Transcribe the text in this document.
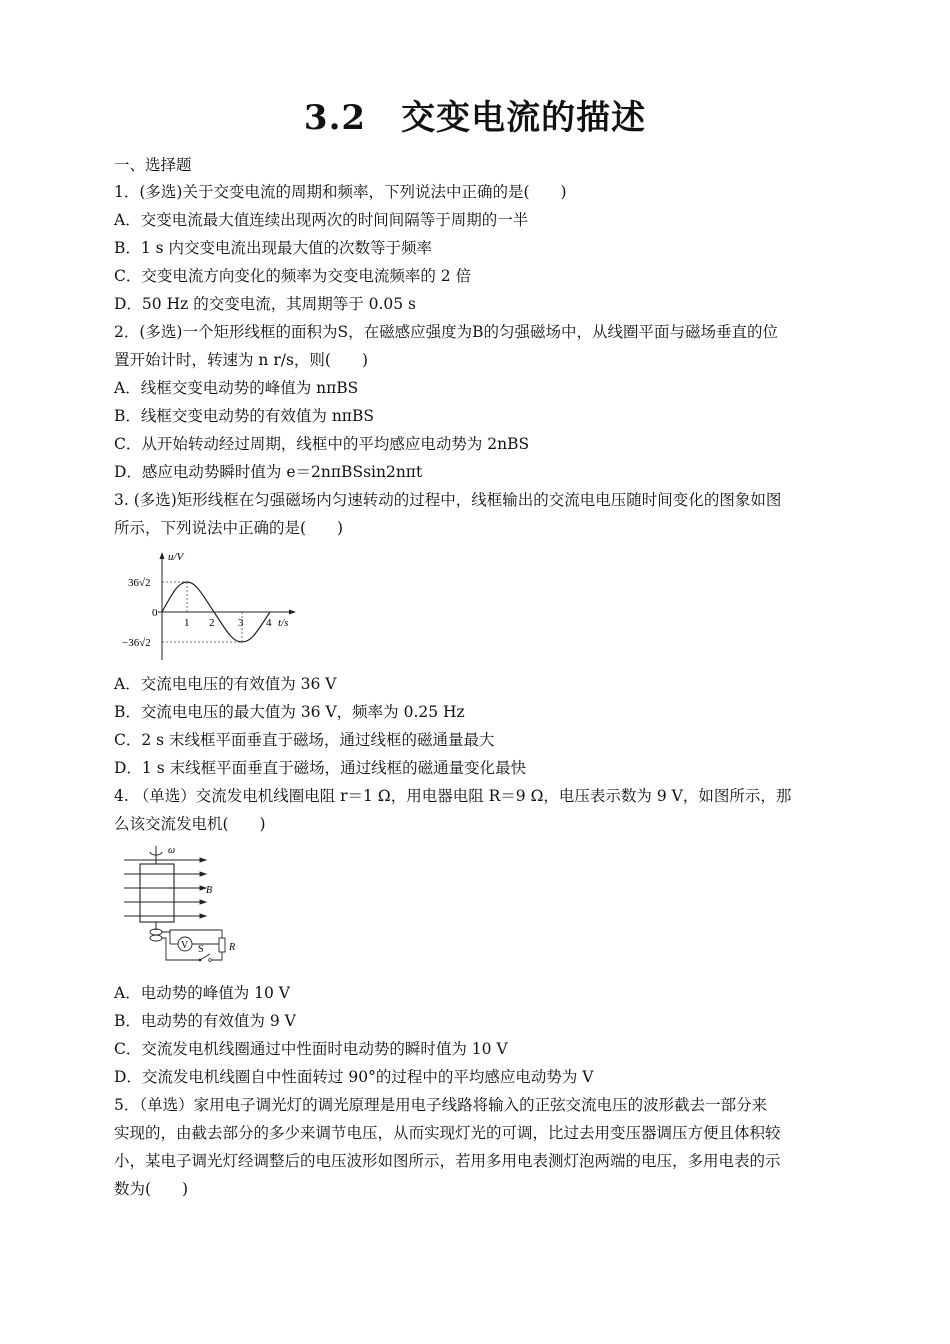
3.2　交变电流的描述
一、选择题
1．(多选)关于交变电流的周期和频率，下列说法中正确的是(　　)
A．交变电流最大值连续出现两次的时间间隔等于周期的一半
B．1 s 内交变电流出现最大值的次数等于频率
C．交变电流方向变化的频率为交变电流频率的 2 倍
D．50 Hz 的交变电流，其周期等于 0.05 s
2．(多选)一个矩形线框的面积为S，在磁感应强度为B的匀强磁场中，从线圈平面与磁场垂直的位
置开始计时，转速为 n r/s，则(　　)
A．线框交变电动势的峰值为 nπBS
B．线框交变电动势的有效值为 nπBS
C．从开始转动经过周期，线框中的平均感应电动势为 2nBS
D．感应电动势瞬时值为 e＝2nπBSsin2nπt
3. (多选)矩形线框在匀强磁场内匀速转动的过程中，线框输出的交流电电压随时间变化的图象如图
所示，下列说法中正确的是(　　)
u/V
t/s
36√2
−36√2
0
1 2 3 4
A．交流电电压的有效值为 36 V
B．交流电电压的最大值为 36 V，频率为 0.25 Hz
C．2 s 末线框平面垂直于磁场，通过线框的磁通量最大
D．1 s 末线框平面垂直于磁场，通过线框的磁通量变化最快
4. （单选）交流发电机线圈电阻 r＝1 Ω，用电器电阻 R＝9 Ω，电压表示数为 9 V，如图所示，那
么该交流发电机(　　)
ω
B
V S	R
A．电动势的峰值为 10 V
B．电动势的有效值为 9 V
C．交流发电机线圈通过中性面时电动势的瞬时值为 10 V
D．交流发电机线圈自中性面转过 90°的过程中的平均感应电动势为 V
5．（单选）家用电子调光灯的调光原理是用电子线路将输入的正弦交流电压的波形截去一部分来
实现的，由截去部分的多少来调节电压，从而实现灯光的可调，比过去用变压器调压方便且体积较
小，某电子调光灯经调整后的电压波形如图所示，若用多用电表测灯泡两端的电压，多用电表的示
数为(　　)
